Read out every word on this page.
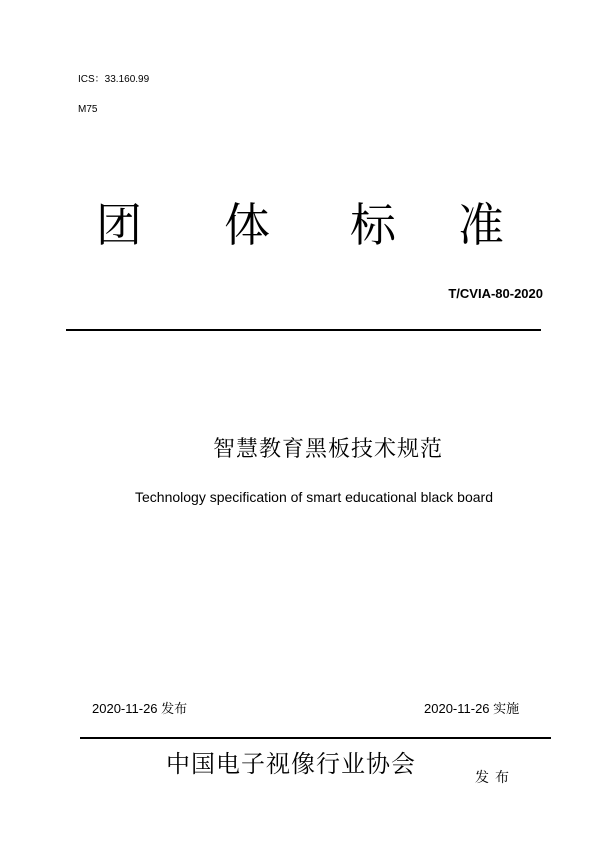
ICS：33.160.99
M75
团 体 标 准
T/CVIA-80-2020
智慧教育黑板技术规范
Technology specification of smart educational black board
2020-11-26 发布	2020-11-26 实施
中国电子视像行业协会	发布
